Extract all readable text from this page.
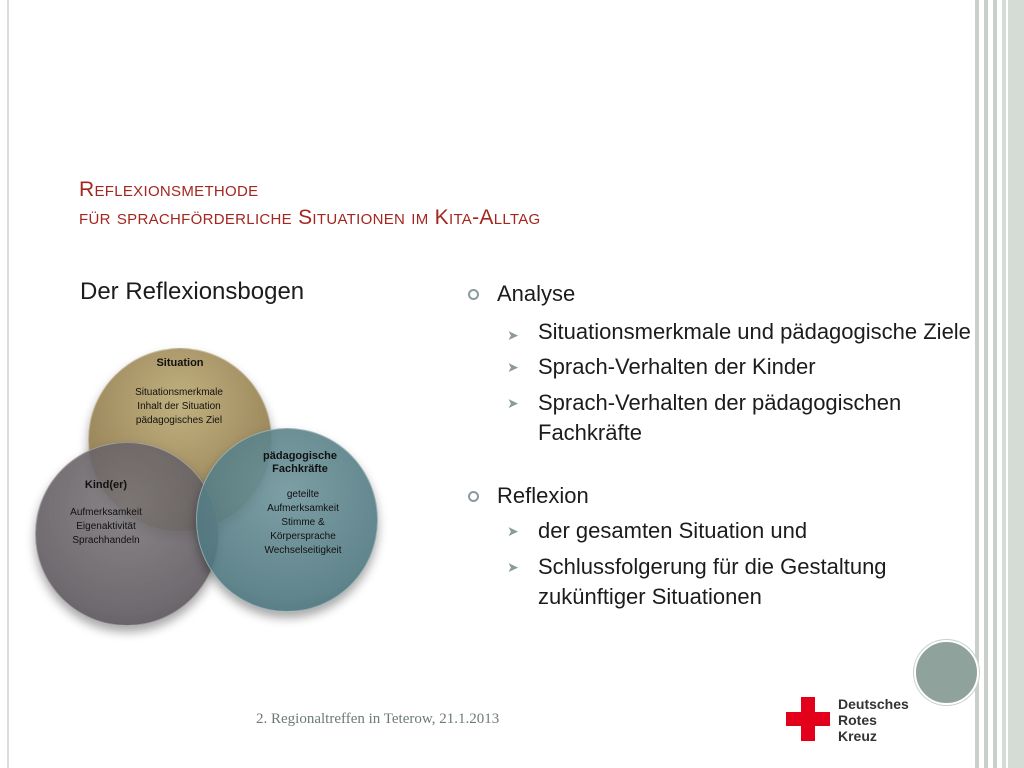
Reflexionsmethode
für sprachförderliche Situationen im Kita-Alltag
Der Reflexionsbogen
Situation
Situationsmerkmale
Inhalt der Situation
pädagogisches Ziel
Kind(er)
Aufmerksamkeit
Eigenaktivität
Sprachhandeln
pädagogische
Fachkräfte
geteilte
Aufmerksamkeit
Stimme &
Körpersprache
Wechselseitigkeit
Analyse
➤ Situationsmerkmale und pädagogische Ziele
➤ Sprach-Verhalten der Kinder
➤ Sprach-Verhalten der pädagogischen Fachkräfte
Reflexion
➤ der gesamten Situation und
➤ Schlussfolgerung für die Gestaltung zukünftiger Situationen
2. Regionaltreffen in Teterow, 21.1.2013
Deutsches
Rotes
Kreuz
